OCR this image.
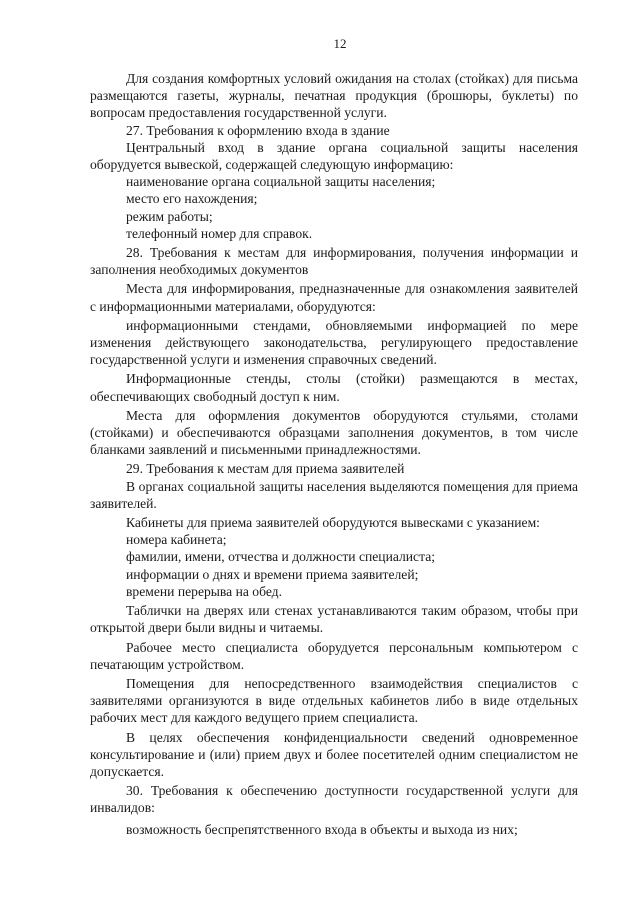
12

Для создания комфортных условий ожидания на столах (стойках) для письма размещаются газеты, журналы, печатная продукция (брошюры, буклеты) по вопросам предоставления государственной услуги.

27. Требования к оформлению входа в здание

Центральный вход в здание органа социальной защиты населения оборудуется вывеской, содержащей следующую информацию:

наименование органа социальной защиты населения;

место его нахождения;

режим работы;

телефонный номер для справок.

28. Требования к местам для информирования, получения информации и заполнения необходимых документов

Места для информирования, предназначенные для ознакомления заявителей с информационными материалами, оборудуются:

информационными стендами, обновляемыми информацией по мере изменения действующего законодательства, регулирующего предоставление государственной услуги и изменения справочных сведений.

Информационные стенды, столы (стойки) размещаются в местах, обеспечивающих свободный доступ к ним.

Места для оформления документов оборудуются стульями, столами (стойками) и обеспечиваются образцами заполнения документов, в том числе бланками заявлений и письменными принадлежностями.

29. Требования к местам для приема заявителей

В органах социальной защиты населения выделяются помещения для приема заявителей.

Кабинеты для приема заявителей оборудуются вывесками с указанием:

номера кабинета;

фамилии, имени, отчества и должности специалиста;

информации о днях и времени приема заявителей;

времени перерыва на обед.

Таблички на дверях или стенах устанавливаются таким образом, чтобы при открытой двери были видны и читаемы.

Рабочее место специалиста оборудуется персональным компьютером с печатающим устройством.

Помещения для непосредственного взаимодействия специалистов с заявителями организуются в виде отдельных кабинетов либо в виде отдельных рабочих мест для каждого ведущего прием специалиста.

В целях обеспечения конфиденциальности сведений одновременное консультирование и (или) прием двух и более посетителей одним специалистом не допускается.

30. Требования к обеспечению доступности государственной услуги для инвалидов:

возможность беспрепятственного входа в объекты и выхода из них;
